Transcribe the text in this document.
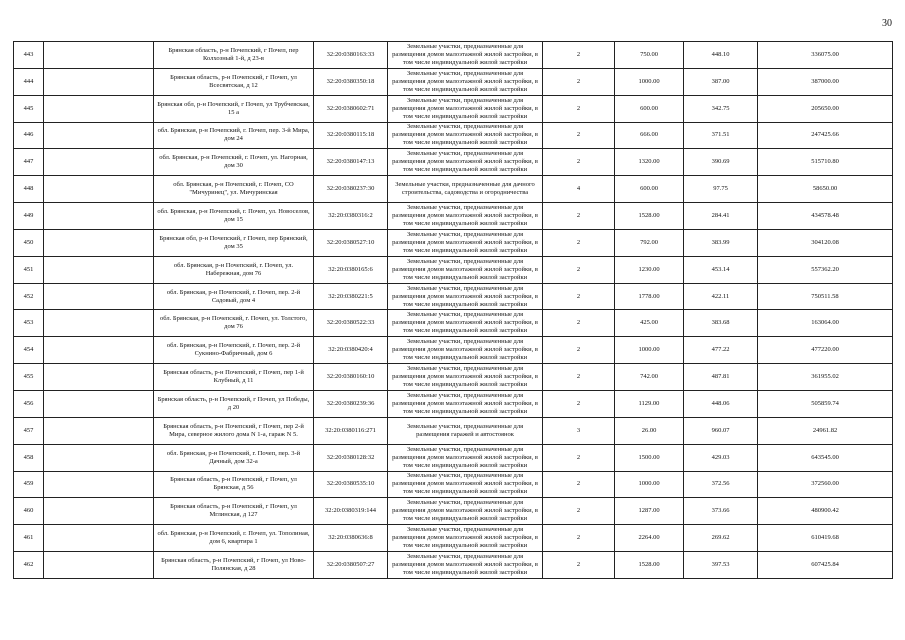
30
443		Брянская область, р-н Почепский, г Почеп, пер Колхозный 1-й, д 23-в	32:20:0380163:33	Земельные участки, предназначенные для размещения домов малоэтажной жилой застройки, в том числе индивидуальной жилой застройки	2	750.00	448.10	336075.00
444		Брянская область, р-н Почепский, г Почеп, ул Всесвятская, д 12	32:20:0380350:18	Земельные участки, предназначенные для размещения домов малоэтажной жилой застройки, в том числе индивидуальной жилой застройки	2	1000.00	387.00	387000.00
445		Брянская обл, р-н Почепский, г Почеп, ул Трубчевская, 15 а	32:20:0380602:71	Земельные участки, предназначенные для размещения домов малоэтажной жилой застройки, в том числе индивидуальной жилой застройки	2	600.00	342.75	205650.00
446		обл. Брянская, р-н Почепский, г. Почеп, пер. 3-й Мира, дом 24	32:20:0380115:18	Земельные участки, предназначенные для размещения домов малоэтажной жилой застройки, в том числе индивидуальной жилой застройки	2	666.00	371.51	247425.66
447		обл. Брянская, р-н Почепский, г. Почеп, ул. Нагорная, дом 30	32:20:0380147:13	Земельные участки, предназначенные для размещения домов малоэтажной жилой застройки, в том числе индивидуальной жилой застройки	2	1320.00	390.69	515710.80
448		обл. Брянская, р-н Почепский, г. Почеп, СО "Мичуринец", ул. Мичуринская	32:20:0380237:30	Земельные участки, предназначенные для дачного строительства, садоводства и огородничества	4	600.00	97.75	58650.00
449		обл. Брянская, р-н Почепский, г. Почеп, ул. Новоселов, дом 15	32:20:0380316:2	Земельные участки, предназначенные для размещения домов малоэтажной жилой застройки, в том числе индивидуальной жилой застройки	2	1528.00	284.41	434578.48
450		Брянская обл, р-н Почепский, г Почеп, пер Брянский, дом 35	32:20:0380527:10	Земельные участки, предназначенные для размещения домов малоэтажной жилой застройки, в том числе индивидуальной жилой застройки	2	792.00	383.99	304120.08
451		обл. Брянская, р-н Почепский, г. Почеп, ул. Набережная, дом 76	32:20:0380165:6	Земельные участки, предназначенные для размещения домов малоэтажной жилой застройки, в том числе индивидуальной жилой застройки	2	1230.00	453.14	557362.20
452		обл. Брянская, р-н Почепский, г. Почеп, пер. 2-й Садовый, дом 4	32:20:0380221:5	Земельные участки, предназначенные для размещения домов малоэтажной жилой застройки, в том числе индивидуальной жилой застройки	2	1778.00	422.11	750511.58
453		обл. Брянская, р-н Почепский, г. Почеп, ул. Толстого, дом 76	32:20:0380522:33	Земельные участки, предназначенные для размещения домов малоэтажной жилой застройки, в том числе индивидуальной жилой застройки	2	425.00	383.68	163064.00
454		обл. Брянская, р-н Почепский, г. Почеп, пер. 2-й Сукнино-Фабричный, дом 6	32:20:0380420:4	Земельные участки, предназначенные для размещения домов малоэтажной жилой застройки, в том числе индивидуальной жилой застройки	2	1000.00	477.22	477220.00
455		Брянская область, р-н Почепский, г Почеп, пер 1-й Клубный, д 11	32:20:0380160:10	Земельные участки, предназначенные для размещения домов малоэтажной жилой застройки, в том числе индивидуальной жилой застройки	2	742.00	487.81	361955.02
456		Брянская область, р-н Почепский, г Почеп, ул Победы, д 20	32:20:0380239:36	Земельные участки, предназначенные для размещения домов малоэтажной жилой застройки, в том числе индивидуальной жилой застройки	2	1129.00	448.06	505859.74
457		Брянская область, р-н Почепский, г Почеп, пер 2-й Мира, северное жилого дома N 1-а, гараж N 5.	32:20:0380116:271	Земельные участки, предназначенные для размещения гаражей и автостоянок	3	26.00	960.07	24961.82
458		обл. Брянская, р-н Почепский, г. Почеп, пер. 3-й Дачный, дом 32-а	32:20:0380128:32	Земельные участки, предназначенные для размещения домов малоэтажной жилой застройки, в том числе индивидуальной жилой застройки	2	1500.00	429.03	643545.00
459		Брянская область, р-н Почепский, г Почеп, ул Брянская, д 56	32:20:0380535:10	Земельные участки, предназначенные для размещения домов малоэтажной жилой застройки, в том числе индивидуальной жилой застройки	2	1000.00	372.56	372560.00
460		Брянская область, р-н Почепский, г Почеп, ул Мглинская, д 127	32:20:0380319:144	Земельные участки, предназначенные для размещения домов малоэтажной жилой застройки, в том числе индивидуальной жилой застройки	2	1287.00	373.66	480900.42
461		обл. Брянская, р-н Почепский, г. Почеп, ул. Тополиная, дом 6, квартира 1	32:20:0380636:8	Земельные участки, предназначенные для размещения домов малоэтажной жилой застройки, в том числе индивидуальной жилой застройки	2	2264.00	269.62	610419.68
462		Брянская область, р-н Почепский, г Почеп, ул Ново-Полянская, д 28	32:20:0380507:27	Земельные участки, предназначенные для размещения домов малоэтажной жилой застройки, в том числе индивидуальной жилой застройки	2	1528.00	397.53	607425.84
